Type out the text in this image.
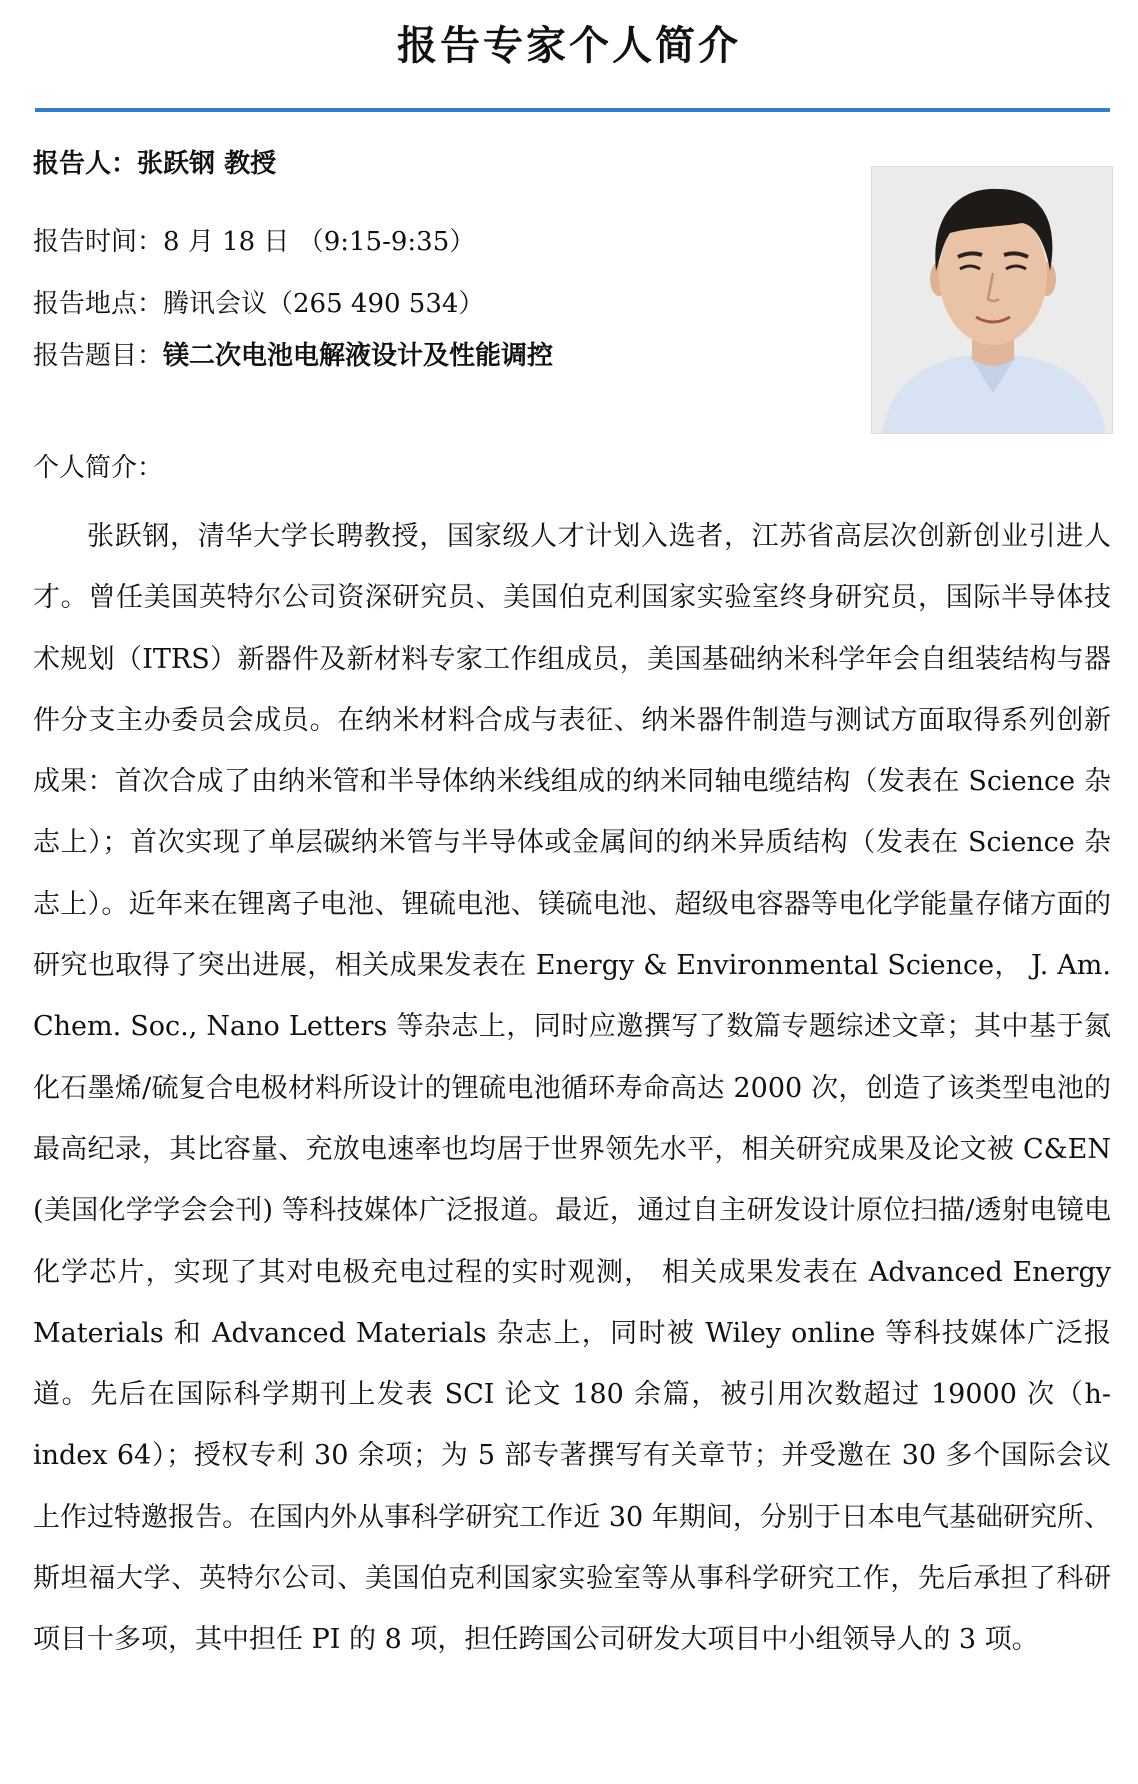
报告专家个人简介
报告人：张跃钢 教授
报告时间：8 月 18 日 （9:15-9:35）
报告地点：腾讯会议（265 490 534）
报告题目：镁二次电池电解液设计及性能调控
个人简介：

张跃钢，清华大学长聘教授，国家级人才计划入选者，江苏省高层次创新创业引进人才。曾任美国英特尔公司资深研究员、美国伯克利国家实验室终身研究员，国际半导体技术规划（ITRS）新器件及新材料专家工作组成员，美国基础纳米科学年会自组装结构与器件分支主办委员会成员。在纳米材料合成与表征、纳米器件制造与测试方面取得系列创新成果：首次合成了由纳米管和半导体纳米线组成的纳米同轴电缆结构（发表在 Science 杂志上）；首次实现了单层碳纳米管与半导体或金属间的纳米异质结构（发表在 Science 杂志上）。近年来在锂离子电池、锂硫电池、镁硫电池、超级电容器等电化学能量存储方面的研究也取得了突出进展，相关成果发表在 Energy & Environmental Science， J. Am. Chem. Soc., Nano Letters 等杂志上，同时应邀撰写了数篇专题综述文章；其中基于氮化石墨烯/硫复合电极材料所设计的锂硫电池循环寿命高达 2000 次，创造了该类型电池的最高纪录，其比容量、充放电速率也均居于世界领先水平，相关研究成果及论文被 C&EN (美国化学学会会刊) 等科技媒体广泛报道。最近，通过自主研发设计原位扫描/透射电镜电化学芯片，实现了其对电极充电过程的实时观测， 相关成果发表在 Advanced Energy Materials 和 Advanced Materials 杂志上，同时被 Wiley online 等科技媒体广泛报道。先后在国际科学期刊上发表 SCI 论文 180 余篇，被引用次数超过 19000 次（h-index 64）；授权专利 30 余项；为 5 部专著撰写有关章节；并受邀在 30 多个国际会议上作过特邀报告。在国内外从事科学研究工作近 30 年期间，分别于日本电气基础研究所、斯坦福大学、英特尔公司、美国伯克利国家实验室等从事科学研究工作，先后承担了科研项目十多项，其中担任 PI 的 8 项，担任跨国公司研发大项目中小组领导人的 3 项。
